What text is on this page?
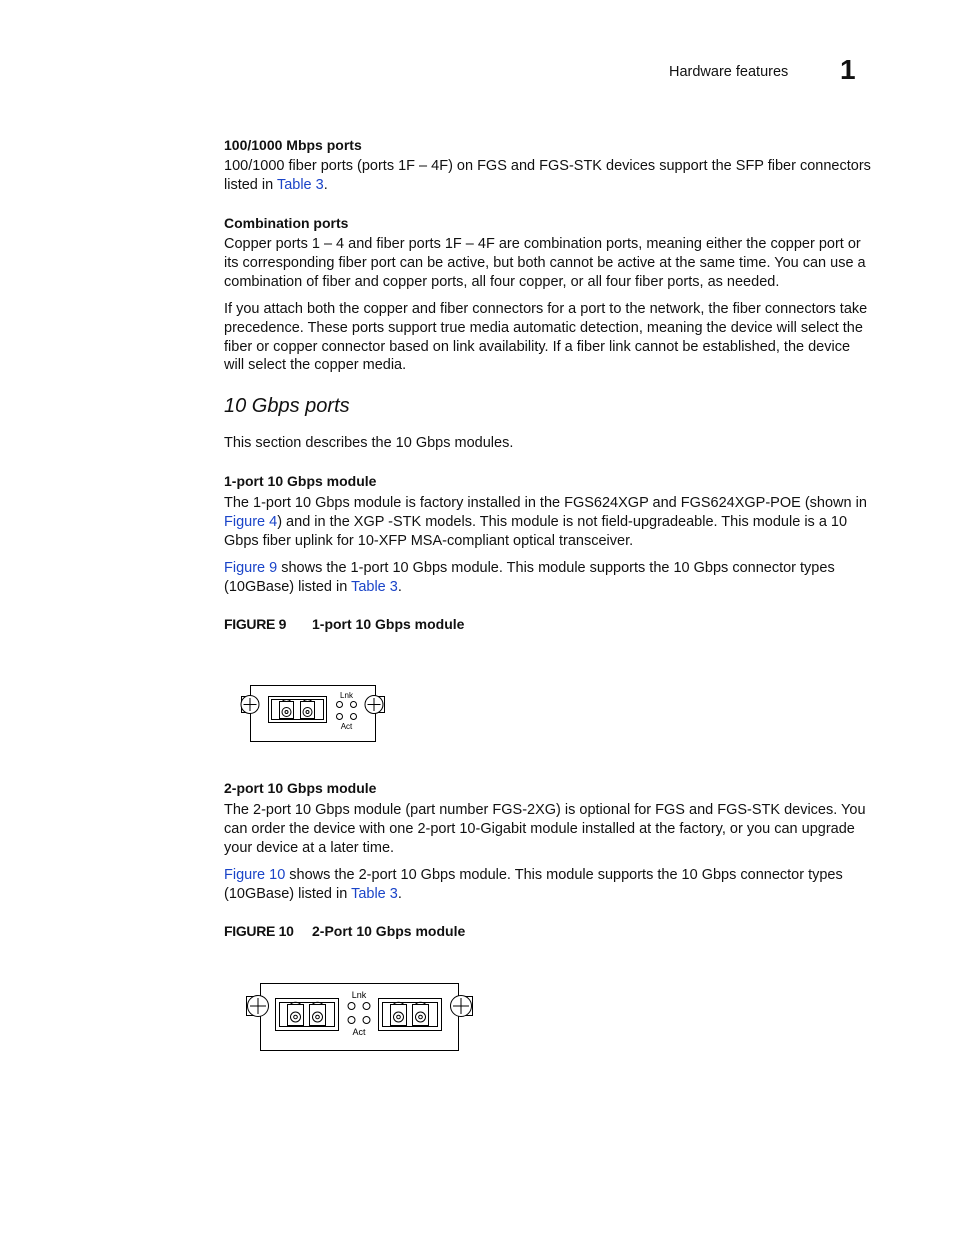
Hardware features 1
100/1000 Mbps ports
100/1000 fiber ports (ports 1F – 4F) on FGS and FGS-STK devices support the SFP fiber connectors listed in Table 3.
Combination ports
Copper ports 1 – 4 and fiber ports 1F – 4F are combination ports, meaning either the copper port or its corresponding fiber port can be active, but both cannot be active at the same time. You can use a combination of fiber and copper ports, all four copper, or all four fiber ports, as needed.
If you attach both the copper and fiber connectors for a port to the network, the fiber connectors take precedence. These ports support true media automatic detection, meaning the device will select the fiber or copper connector based on link availability. If a fiber link cannot be established, the device will select the copper media.
10 Gbps ports
This section describes the 10 Gbps modules.
1-port 10 Gbps module
The 1-port 10 Gbps module is factory installed in the FGS624XGP and FGS624XGP-POE (shown in Figure 4) and in the XGP -STK models. This module is not field-upgradeable. This module is a 10 Gbps fiber uplink for 10-XFP MSA-compliant optical transceiver.
Figure 9 shows the 1-port 10 Gbps module. This module supports the 10 Gbps connector types (10GBase) listed in Table 3.
FIGURE 9 1-port 10 Gbps module
Lnk
Act
2-port 10 Gbps module
The 2-port 10 Gbps module (part number FGS-2XG) is optional for FGS and FGS-STK devices. You can order the device with one 2-port 10-Gigabit module installed at the factory, or you can upgrade your device at a later time.
Figure 10 shows the 2-port 10 Gbps module. This module supports the 10 Gbps connector types (10GBase) listed in Table 3.
FIGURE 10 2-Port 10 Gbps module
Lnk
Act
